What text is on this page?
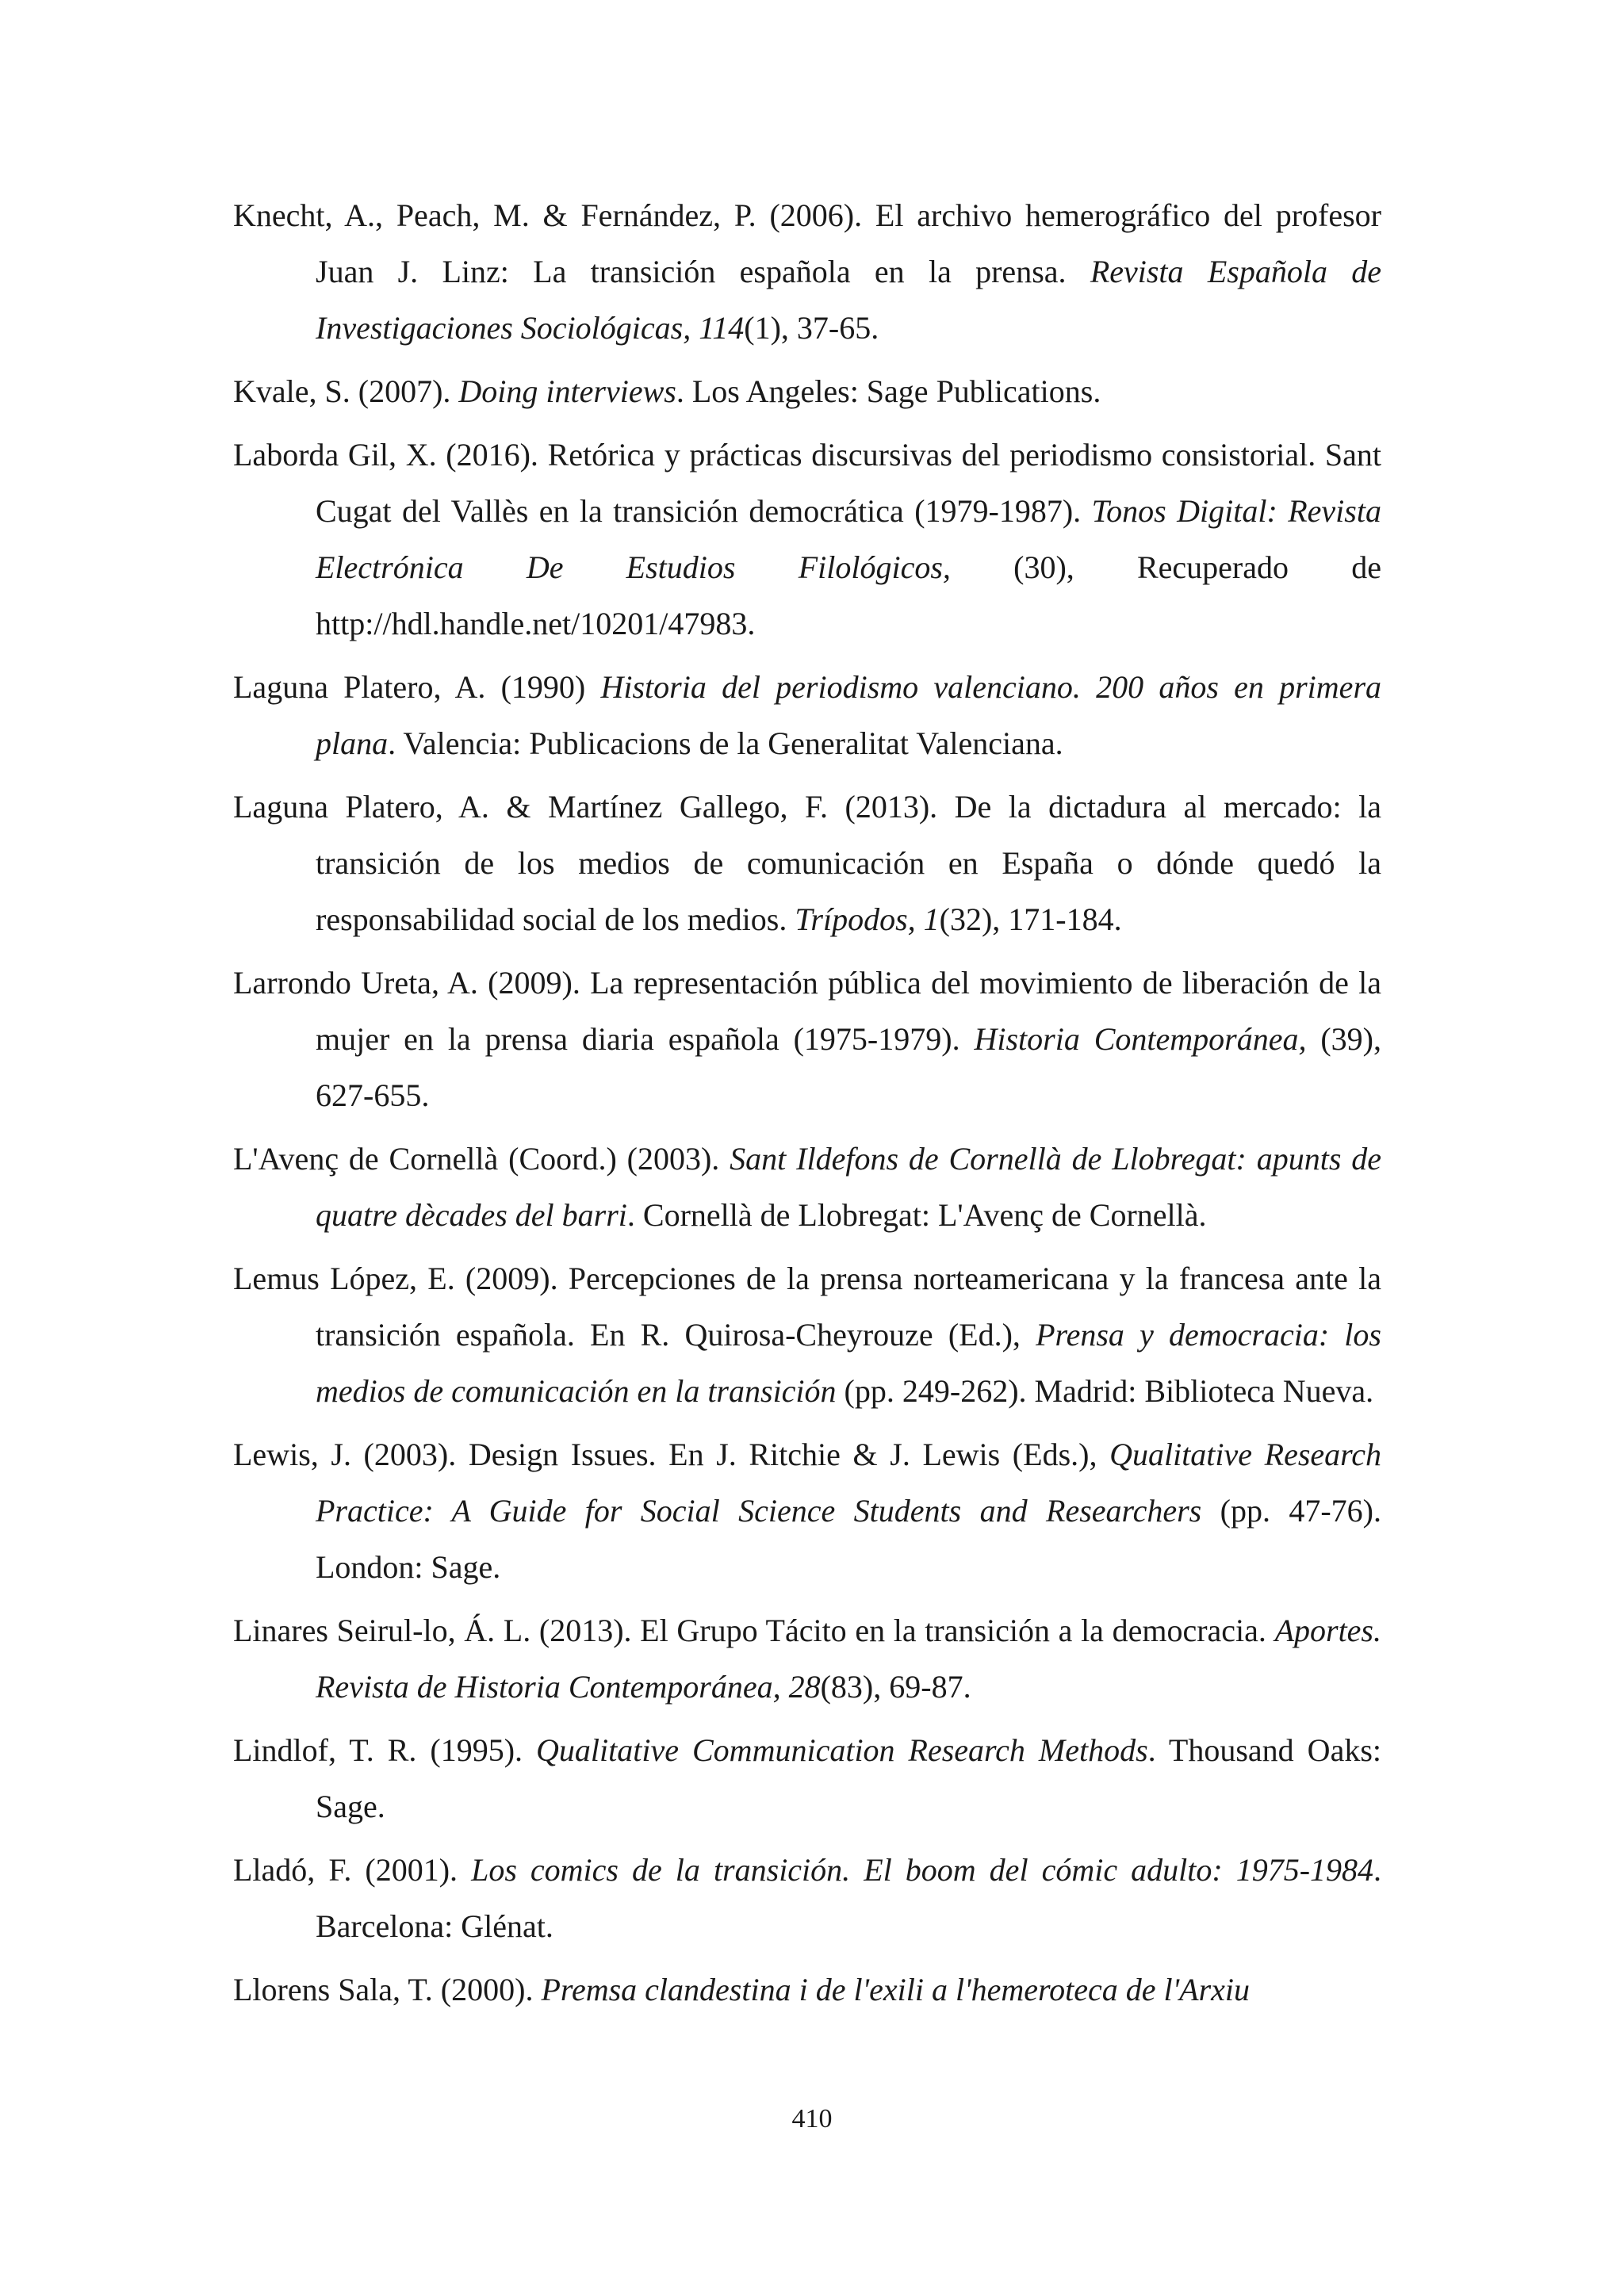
Knecht, A., Peach, M. & Fernández, P. (2006). El archivo hemerográfico del profesor Juan J. Linz: La transición española en la prensa. Revista Española de Investigaciones Sociológicas, 114(1), 37-65.
Kvale, S. (2007). Doing interviews. Los Angeles: Sage Publications.
Laborda Gil, X. (2016). Retórica y prácticas discursivas del periodismo consistorial. Sant Cugat del Vallès en la transición democrática (1979-1987). Tonos Digital: Revista Electrónica De Estudios Filológicos, (30), Recuperado de http://hdl.handle.net/10201/47983.
Laguna Platero, A. (1990) Historia del periodismo valenciano. 200 años en primera plana. Valencia: Publicacions de la Generalitat Valenciana.
Laguna Platero, A. & Martínez Gallego, F. (2013). De la dictadura al mercado: la transición de los medios de comunicación en España o dónde quedó la responsabilidad social de los medios. Trípodos, 1(32), 171-184.
Larrondo Ureta, A. (2009). La representación pública del movimiento de liberación de la mujer en la prensa diaria española (1975-1979). Historia Contemporánea, (39), 627-655.
L'Avenç de Cornellà (Coord.) (2003). Sant Ildefons de Cornellà de Llobregat: apunts de quatre dècades del barri. Cornellà de Llobregat: L'Avenç de Cornellà.
Lemus López, E. (2009). Percepciones de la prensa norteamericana y la francesa ante la transición española. En R. Quirosa-Cheyrouze (Ed.), Prensa y democracia: los medios de comunicación en la transición (pp. 249-262). Madrid: Biblioteca Nueva.
Lewis, J. (2003). Design Issues. En J. Ritchie & J. Lewis (Eds.), Qualitative Research Practice: A Guide for Social Science Students and Researchers (pp. 47-76). London: Sage.
Linares Seirul-lo, Á. L. (2013). El Grupo Tácito en la transición a la democracia. Aportes. Revista de Historia Contemporánea, 28(83), 69-87.
Lindlof, T. R. (1995). Qualitative Communication Research Methods. Thousand Oaks: Sage.
Lladó, F. (2001). Los comics de la transición. El boom del cómic adulto: 1975-1984. Barcelona: Glénat.
Llorens Sala, T. (2000). Premsa clandestina i de l'exili a l'hemeroteca de l'Arxiu
410
